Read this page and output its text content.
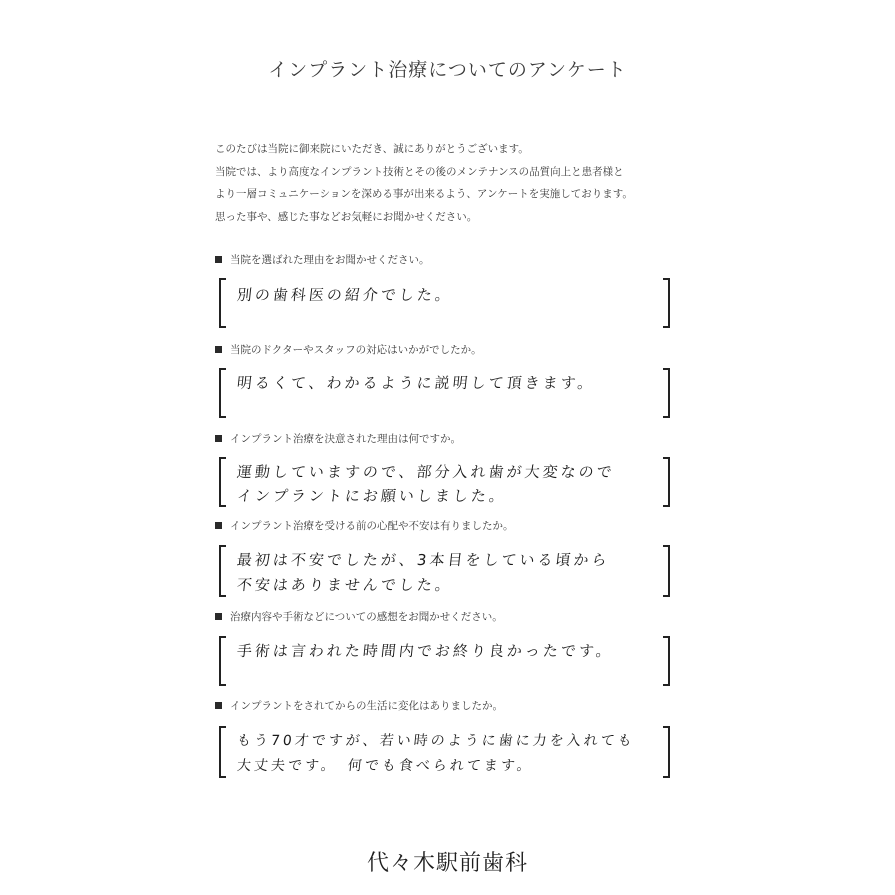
インプラント治療についてのアンケート

このたびは当院に御来院にいただき、誠にありがとうございます。

当院では、より高度なインプラント技術とその後のメンテナンスの品質向上と患者様と

より一層コミュニケーションを深める事が出来るよう、アンケートを実施しております。

思った事や、感じた事などお気軽にお聞かせください。

当院を選ばれた理由をお聞かせください。
別の歯科医の紹介でした。
当院のドクターやスタッフの対応はいかがでしたか。
明るくて、わかるように説明して頂きます。
インプラント治療を決意された理由は何ですか。
運動していますので、部分入れ歯が大変なので
インプラントにお願いしました。
インプラント治療を受ける前の心配や不安は有りましたか。
最初は不安でしたが、3本目をしている頃から
不安はありませんでした。
治療内容や手術などについての感想をお聞かせください。
手術は言われた時間内でお終り良かったです。
インプラントをされてからの生活に変化はありましたか。
もう70才ですが、若い時のように歯に力を入れても
大丈夫です。　何でも食べられてます。
代々木駅前歯科
